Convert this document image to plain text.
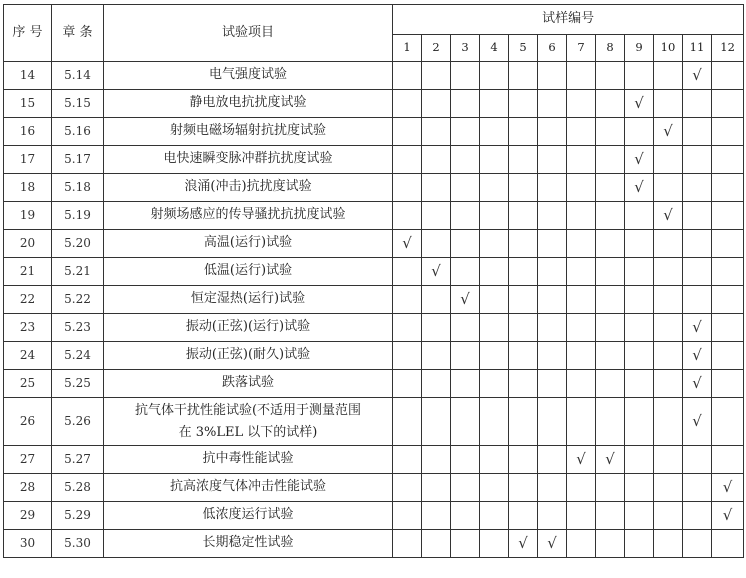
序 号	章 条	试验项目	试样编号											
			1	2	3	4	5	6	7	8	9	10	11	12
14	5.14	电气强度试验											√	
15	5.15	静电放电抗扰度试验									√			
16	5.16	射频电磁场辐射抗扰度试验										√		
17	5.17	电快速瞬变脉冲群抗扰度试验									√			
18	5.18	浪涌(冲击)抗扰度试验									√			
19	5.19	射频场感应的传导骚扰抗扰度试验										√		
20	5.20	高温(运行)试验	√											
21	5.21	低温(运行)试验		√										
22	5.22	恒定湿热(运行)试验			√									
23	5.23	振动(正弦)(运行)试验											√	
24	5.24	振动(正弦)(耐久)试验											√	
25	5.25	跌落试验											√	
26	5.26	抗气体干扰性能试验(不适用于测量范围
在 3%LEL 以下的试样)											√	
27	5.27	抗中毒性能试验							√	√				
28	5.28	抗高浓度气体冲击性能试验												√
29	5.29	低浓度运行试验												√
30	5.30	长期稳定性试验					√	√						
